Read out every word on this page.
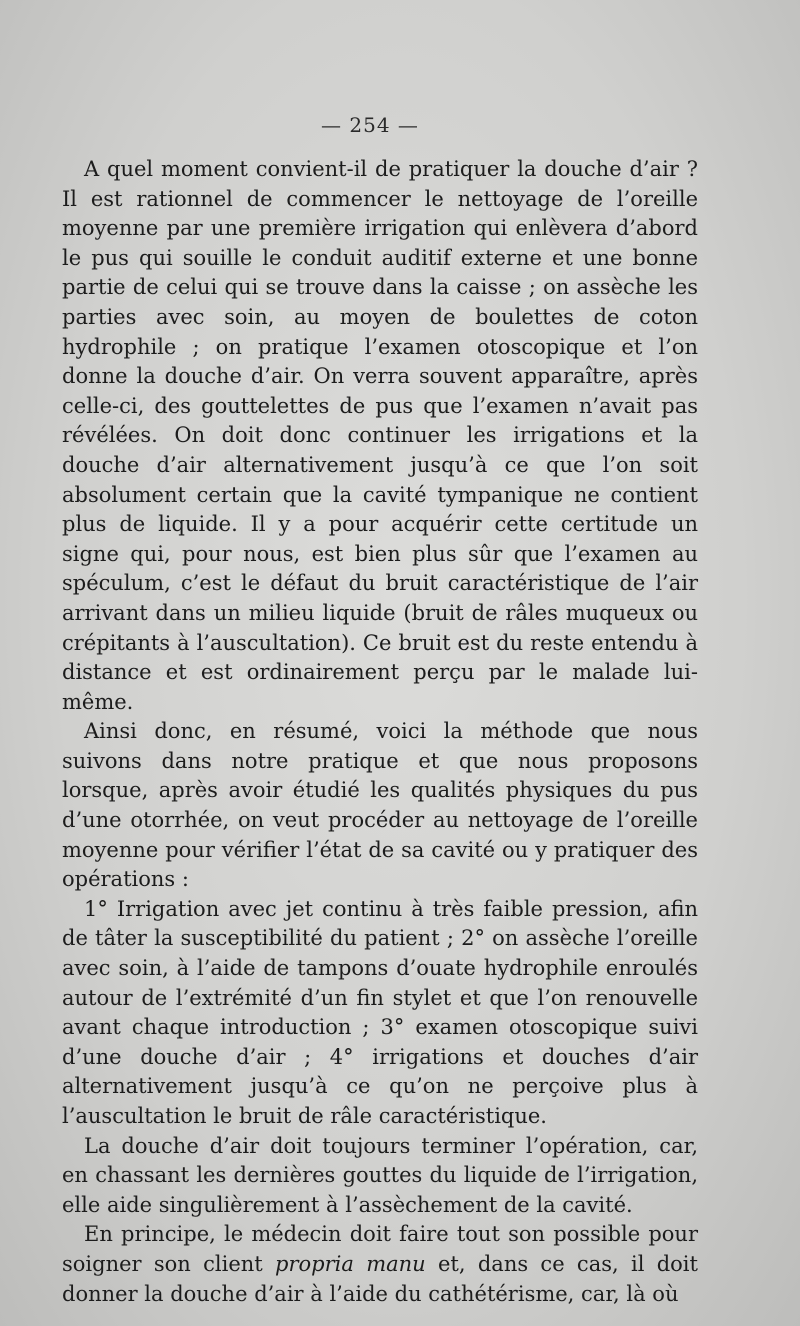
— 254 —

A quel moment convient-il de pratiquer la douche d’air ? Il est rationnel de commencer le nettoyage de l’oreille moyenne par une première irrigation qui enlèvera d’abord le pus qui souille le conduit auditif externe et une bonne partie de celui qui se trouve dans la caisse ; on assèche les parties avec soin, au moyen de boulettes de coton hydrophile ; on pratique l’examen otoscopique et l’on donne la douche d’air. On verra souvent apparaître, après celle-ci, des gouttelettes de pus que l’examen n’avait pas révélées. On doit donc continuer les irrigations et la douche d’air alternativement jusqu’à ce que l’on soit absolument certain que la cavité tympanique ne contient plus de liquide. Il y a pour acquérir cette certitude un signe qui, pour nous, est bien plus sûr que l’examen au spéculum, c’est le défaut du bruit caractéristique de l’air arrivant dans un milieu liquide (bruit de râles muqueux ou crépitants à l’auscultation). Ce bruit est du reste entendu à distance et est ordinairement perçu par le malade lui-même.

Ainsi donc, en résumé, voici la méthode que nous suivons dans notre pratique et que nous proposons lorsque, après avoir étudié les qualités physiques du pus d’une otorrhée, on veut procéder au nettoyage de l’oreille moyenne pour vérifier l’état de sa cavité ou y pratiquer des opérations :

1° Irrigation avec jet continu à très faible pression, afin de tâter la susceptibilité du patient ; 2° on assèche l’oreille avec soin, à l’aide de tampons d’ouate hydrophile enroulés autour de l’extrémité d’un fin stylet et que l’on renouvelle avant chaque introduction ; 3° examen otoscopique suivi d’une douche d’air ; 4° irrigations et douches d’air alternativement jusqu’à ce qu’on ne perçoive plus à l’auscultation le bruit de râle caractéristique.

La douche d’air doit toujours terminer l’opération, car, en chassant les dernières gouttes du liquide de l’irrigation, elle aide singulièrement à l’assèchement de la cavité.

En principe, le médecin doit faire tout son possible pour soigner son client propria manu et, dans ce cas, il doit donner la douche d’air à l’aide du cathétérisme, car, là où
